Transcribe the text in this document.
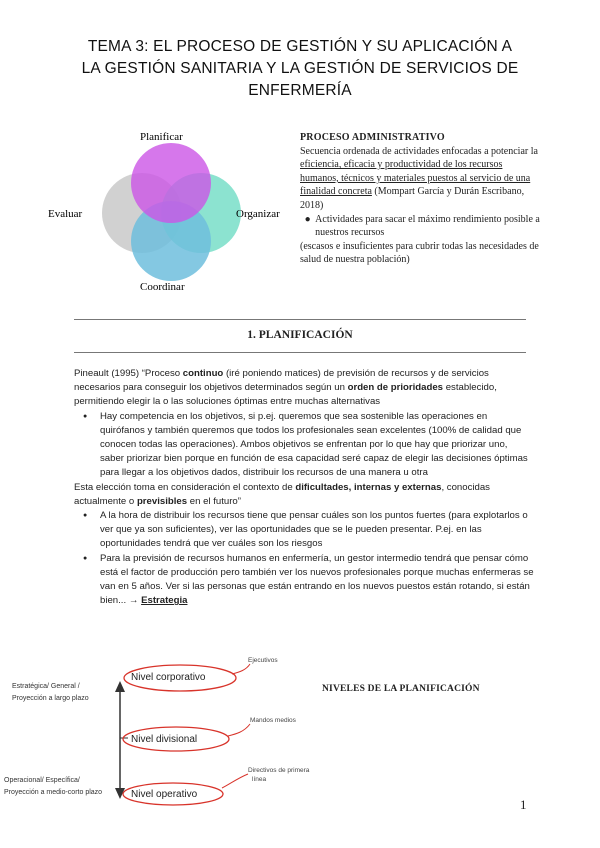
TEMA 3: EL PROCESO DE GESTIÓN Y SU APLICACIÓN A
LA GESTIÓN SANITARIA Y LA GESTIÓN DE SERVICIOS DE
ENFERMERÍA
Planificar
Organizar
Coordinar
Evaluar
PROCESO ADMINISTRATIVO
Secuencia ordenada de actividades enfocadas a potenciar la eficiencia, eficacia y productividad de los recursos humanos, técnicos y materiales puestos al servicio de una finalidad concreta (Mompart García y Durán Escribano, 2018)
● Actividades para sacar el máximo rendimiento posible a nuestros recursos
(escasos e insuficientes para cubrir todas las necesidades de salud de nuestra población)
1. PLANIFICACIÓN

Pineault (1995) “Proceso continuo (iré poniendo matices) de previsión de recursos y de servicios necesarios para conseguir los objetivos determinados según un orden de prioridades establecido, permitiendo elegir la o las soluciones óptimas entre muchas alternativas

● Hay competencia en los objetivos, si p.ej. queremos que sea sostenible las operaciones en quirófanos y también queremos que todos los profesionales sean excelentes (100% de calidad que conocen todas las operaciones). Ambos objetivos se enfrentan por lo que hay que priorizar uno, saber priorizar bien porque en función de esa capacidad seré capaz de elegir las decisiones óptimas para llegar a los objetivos dados, distribuir los recursos de una manera u otra

Esta elección toma en consideración el contexto de dificultades, internas y externas, conocidas actualmente o previsibles en el futuro”

● A la hora de distribuir los recursos tiene que pensar cuáles son los puntos fuertes (para explotarlos o ver que ya son suficientes), ver las oportunidades que se le pueden presentar. P.ej. en las oportunidades tendrá que ver cuáles son los riesgos
● Para la previsión de recursos humanos en enfermería, un gestor intermedio tendrá que pensar cómo está el factor de producción pero también ver los nuevos profesionales porque muchas enfermeras se van en 5 años. Ver si las personas que están entrando en los nuevos puestos están rotando, si están bien... → Estrategia
Estratégica/ General /
Proyección a largo plazo
Operacional/ Específica/
Proyección a medio-corto plazo
Nivel corporativo
Nivel divisional
Nivel operativo
Ejecutivos
Mandos medios
Directivos de primera
línea
NIVELES DE LA PLANIFICACIÓN
1
